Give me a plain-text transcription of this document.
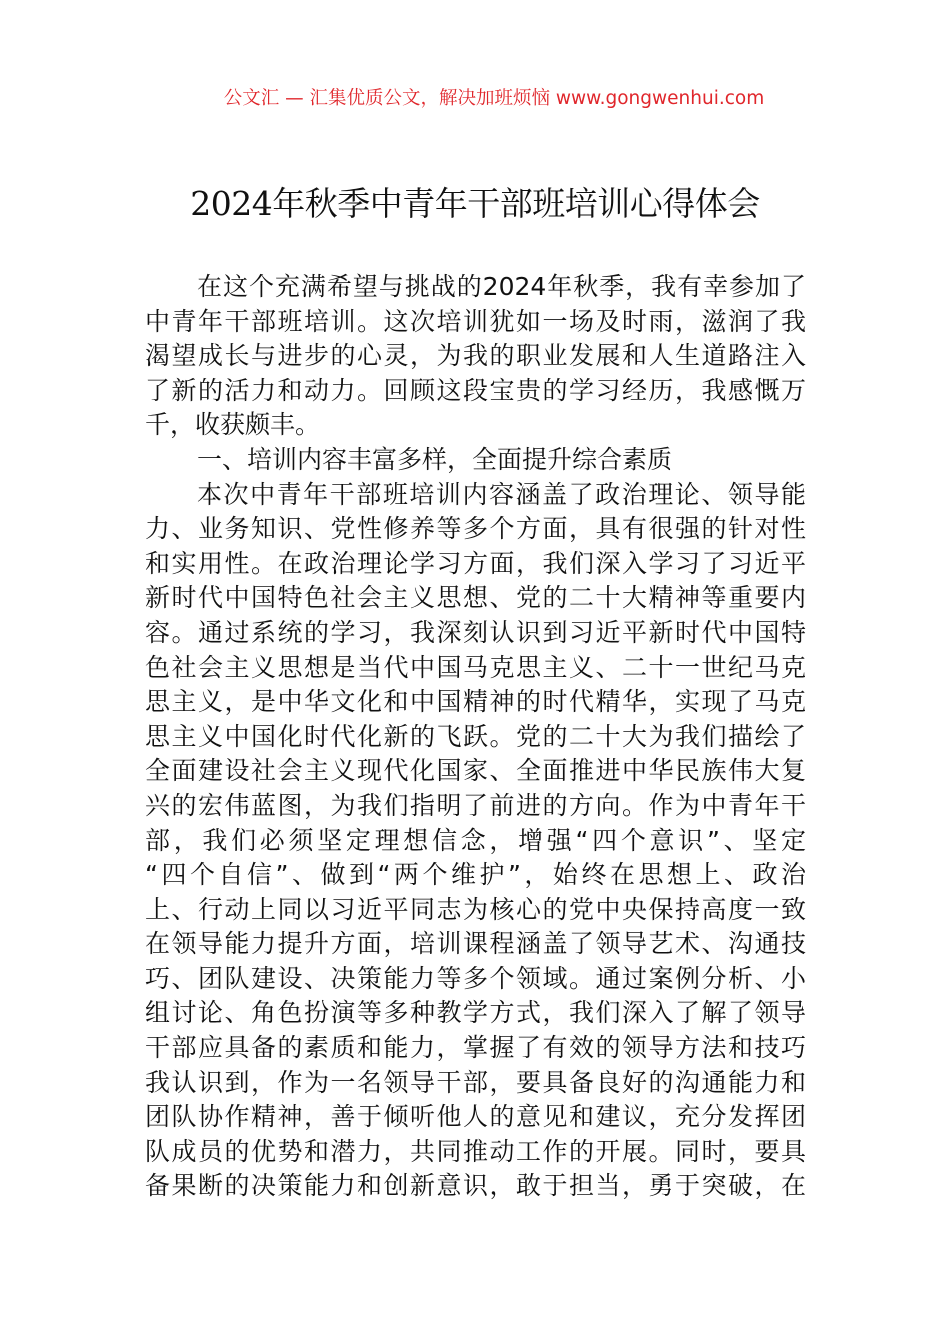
公文汇 — 汇集优质公文，解决加班烦恼 www.gongwenhui.com
2024年秋季中青年干部班培训心得体会
在这个充满希望与挑战的2024年秋季，我有幸参加了
中青年干部班培训。这次培训犹如一场及时雨，滋润了我
渴望成长与进步的心灵，为我的职业发展和人生道路注入
了新的活力和动力。回顾这段宝贵的学习经历，我感慨万
千，收获颇丰。
一、培训内容丰富多样，全面提升综合素质
本次中青年干部班培训内容涵盖了政治理论、领导能
力、业务知识、党性修养等多个方面，具有很强的针对性
和实用性。在政治理论学习方面，我们深入学习了习近平
新时代中国特色社会主义思想、党的二十大精神等重要内
容。通过系统的学习，我深刻认识到习近平新时代中国特
色社会主义思想是当代中国马克思主义、二十一世纪马克
思主义，是中华文化和中国精神的时代精华，实现了马克
思主义中国化时代化新的飞跃。党的二十大为我们描绘了
全面建设社会主义现代化国家、全面推进中华民族伟大复
兴的宏伟蓝图，为我们指明了前进的方向。作为中青年干
部，我们必须坚定理想信念，增强“四个意识”、坚定
“四个自信”、做到“两个维护”，始终在思想上、政治
上、行动上同以习近平同志为核心的党中央保持高度一致
在领导能力提升方面，培训课程涵盖了领导艺术、沟通技
巧、团队建设、决策能力等多个领域。通过案例分析、小
组讨论、角色扮演等多种教学方式，我们深入了解了领导
干部应具备的素质和能力，掌握了有效的领导方法和技巧
我认识到，作为一名领导干部，要具备良好的沟通能力和
团队协作精神，善于倾听他人的意见和建议，充分发挥团
队成员的优势和潜力，共同推动工作的开展。同时，要具
备果断的决策能力和创新意识，敢于担当，勇于突破，在
